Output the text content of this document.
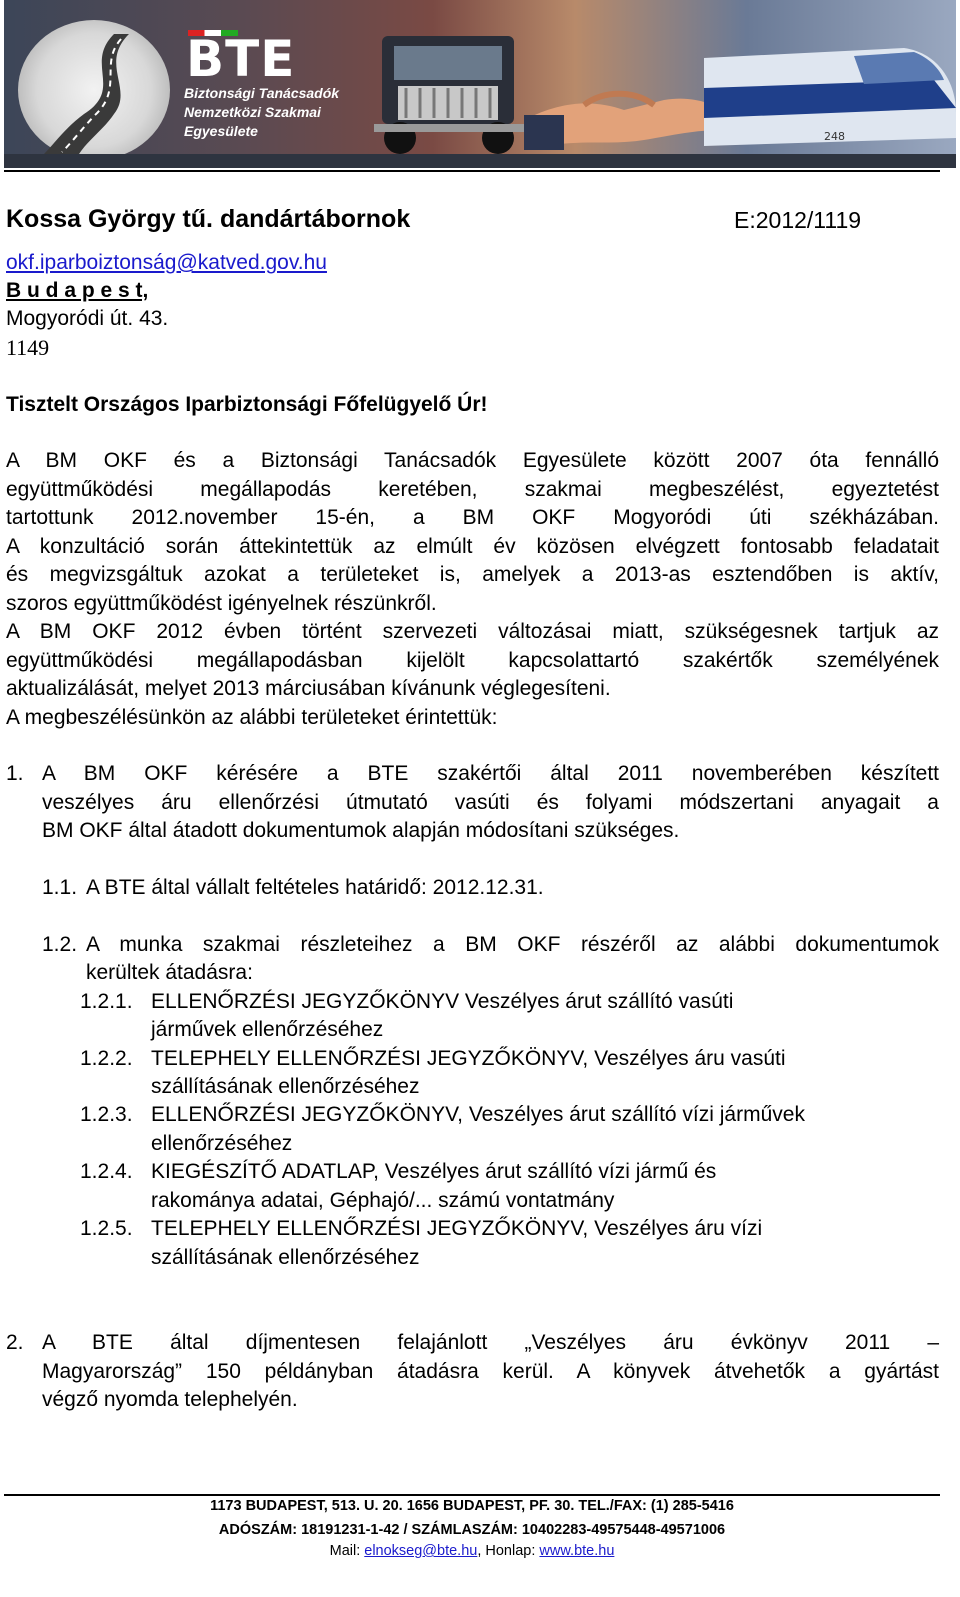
BTE
Biztonsági Tanácsadók
Nemzetközi Szakmai
Egyesülete	248
Kossa György tű. dandártábornok	E:2012/1119
okf.iparboiztonság@katved.gov.hu
B u d a p e s t,
Mogyoródi út. 43.
1149
Tisztelt Országos Iparbiztonsági Főfelügyelő Úr!
A BM OKF és a Biztonsági Tanácsadók Egyesülete között 2007 óta fennálló
együttműködési megállapodás keretében, szakmai megbeszélést, egyeztetést
tartottunk 2012.november 15-én, a BM OKF Mogyoródi úti székházában.
A konzultáció során áttekintettük az elmúlt év közösen elvégzett fontosabb feladatait
és megvizsgáltuk azokat a területeket is, amelyek a 2013-as esztendőben is aktív,
szoros együttműködést igényelnek részünkről.
A BM OKF 2012 évben történt szervezeti változásai miatt, szükségesnek tartjuk az
együttműködési megállapodásban kijelölt kapcsolattartó szakértők személyének
aktualizálását, melyet 2013 márciusában kívánunk véglegesíteni.
A megbeszélésünkön az alábbi területeket érintettük:
1. A BM OKF kérésére a BTE szakértői által 2011 novemberében készített
veszélyes áru ellenőrzési útmutató vasúti és folyami módszertani anyagait a
BM OKF által átadott dokumentumok alapján módosítani szükséges.
1.1. A BTE által vállalt feltételes határidő: 2012.12.31.
1.2. A munka szakmai részleteihez a BM OKF részéről az alábbi dokumentumok
kerültek átadásra:
1.2.1. ELLENŐRZÉSI JEGYZŐKÖNYV Veszélyes árut szállító vasúti
járművek ellenőrzéséhez
1.2.2. TELEPHELY ELLENŐRZÉSI JEGYZŐKÖNYV, Veszélyes áru vasúti
szállításának ellenőrzéséhez
1.2.3. ELLENŐRZÉSI JEGYZŐKÖNYV, Veszélyes árut szállító vízi járművek
ellenőrzéséhez
1.2.4. KIEGÉSZÍTŐ ADATLAP, Veszélyes árut szállító vízi jármű és
rakománya adatai, Géphajó/... számú vontatmány
1.2.5. TELEPHELY ELLENŐRZÉSI JEGYZŐKÖNYV, Veszélyes áru vízi
szállításának ellenőrzéséhez
2. A BTE által díjmentesen felajánlott „Veszélyes áru évkönyv 2011 –
Magyarország” 150 példányban átadásra kerül. A könyvek átvehetők a gyártást
végző nyomda telephelyén.
1173 BUDAPEST, 513. U. 20. 1656 BUDAPEST, PF. 30. TEL./FAX: (1) 285-5416
ADÓSZÁM: 18191231-1-42 / SZÁMLASZÁM: 10402283-49575448-49571006
Mail: elnokseg@bte.hu, Honlap: www.bte.hu
